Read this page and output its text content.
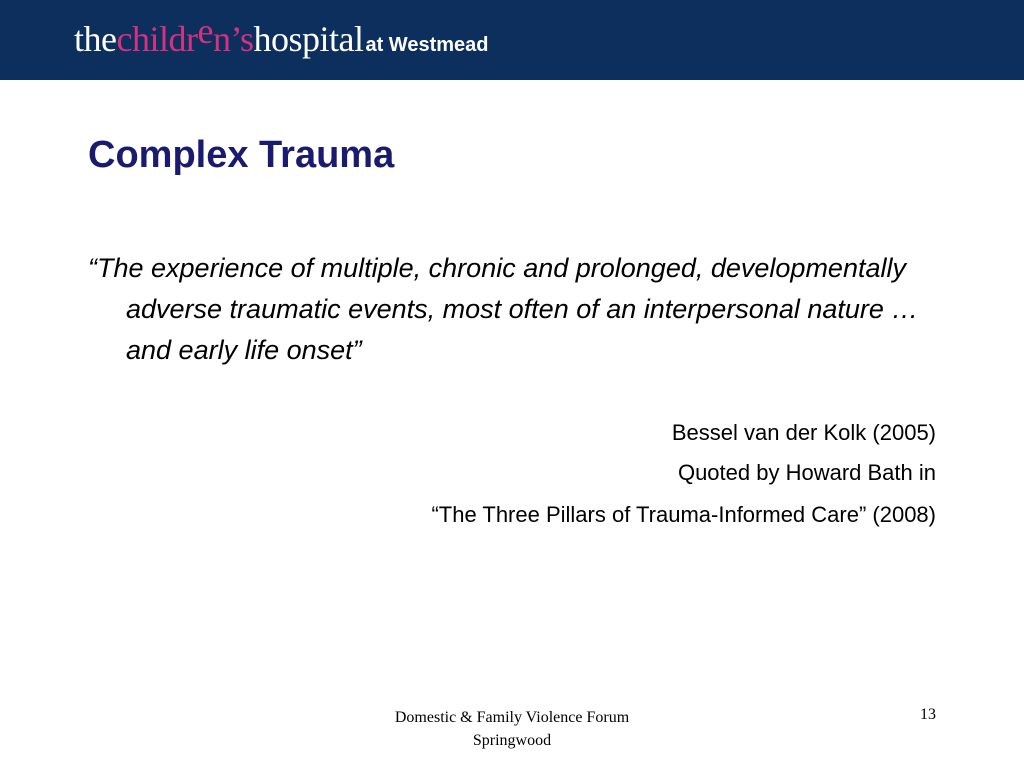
thechildren’shospitalat Westmead
Complex Trauma

“The experience of multiple, chronic and prolonged, developmentally adverse traumatic events, most often of an interpersonal nature … and early life onset”

Bessel van der Kolk (2005)

Quoted by Howard Bath in

“The Three Pillars of Trauma-Informed Care” (2008)

Domestic & Family Violence Forum
Springwood
13
